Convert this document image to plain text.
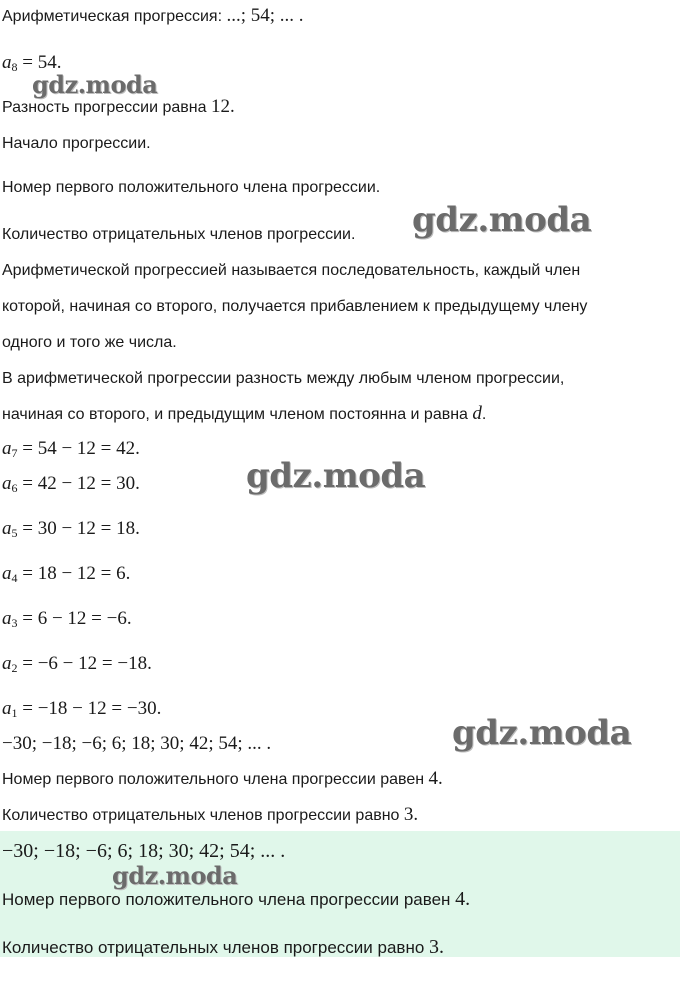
Арифметическая прогрессия: ...; 54; ... .
$a_8 = 54$.
Разность прогрессии равна 12.
Начало прогрессии.
Номер первого положительного члена прогрессии.
Количество отрицательных членов прогрессии.
Арифметической прогрессией называется последовательность, каждый член
которой, начиная со второго, получается прибавлением к предыдущему члену
одного и того же числа.
В арифметической прогрессии разность между любым членом прогрессии,
начиная со второго, и предыдущим членом постоянна и равна d.
$a_7 = 54 - 12 = 42$.
$a_6 = 42 - 12 = 30$.
$a_5 = 30 - 12 = 18$.
$a_4 = 18 - 12 = 6$.
$a_3 = 6 - 12 = -6$.
$a_2 = -6 - 12 = -18$.
$a_1 = -18 - 12 = -30$.
−30; −18; −6; 6; 18; 30; 42; 54; ... .
Номер первого положительного члена прогрессии равен 4.
Количество отрицательных членов прогрессии равно 3.
−30; −18; −6; 6; 18; 30; 42; 54; ... .
Номер первого положительного члена прогрессии равен 4.
Количество отрицательных членов прогрессии равно 3.
gdz.moda
gdz.moda
gdz.moda
gdz.moda
gdz.moda
